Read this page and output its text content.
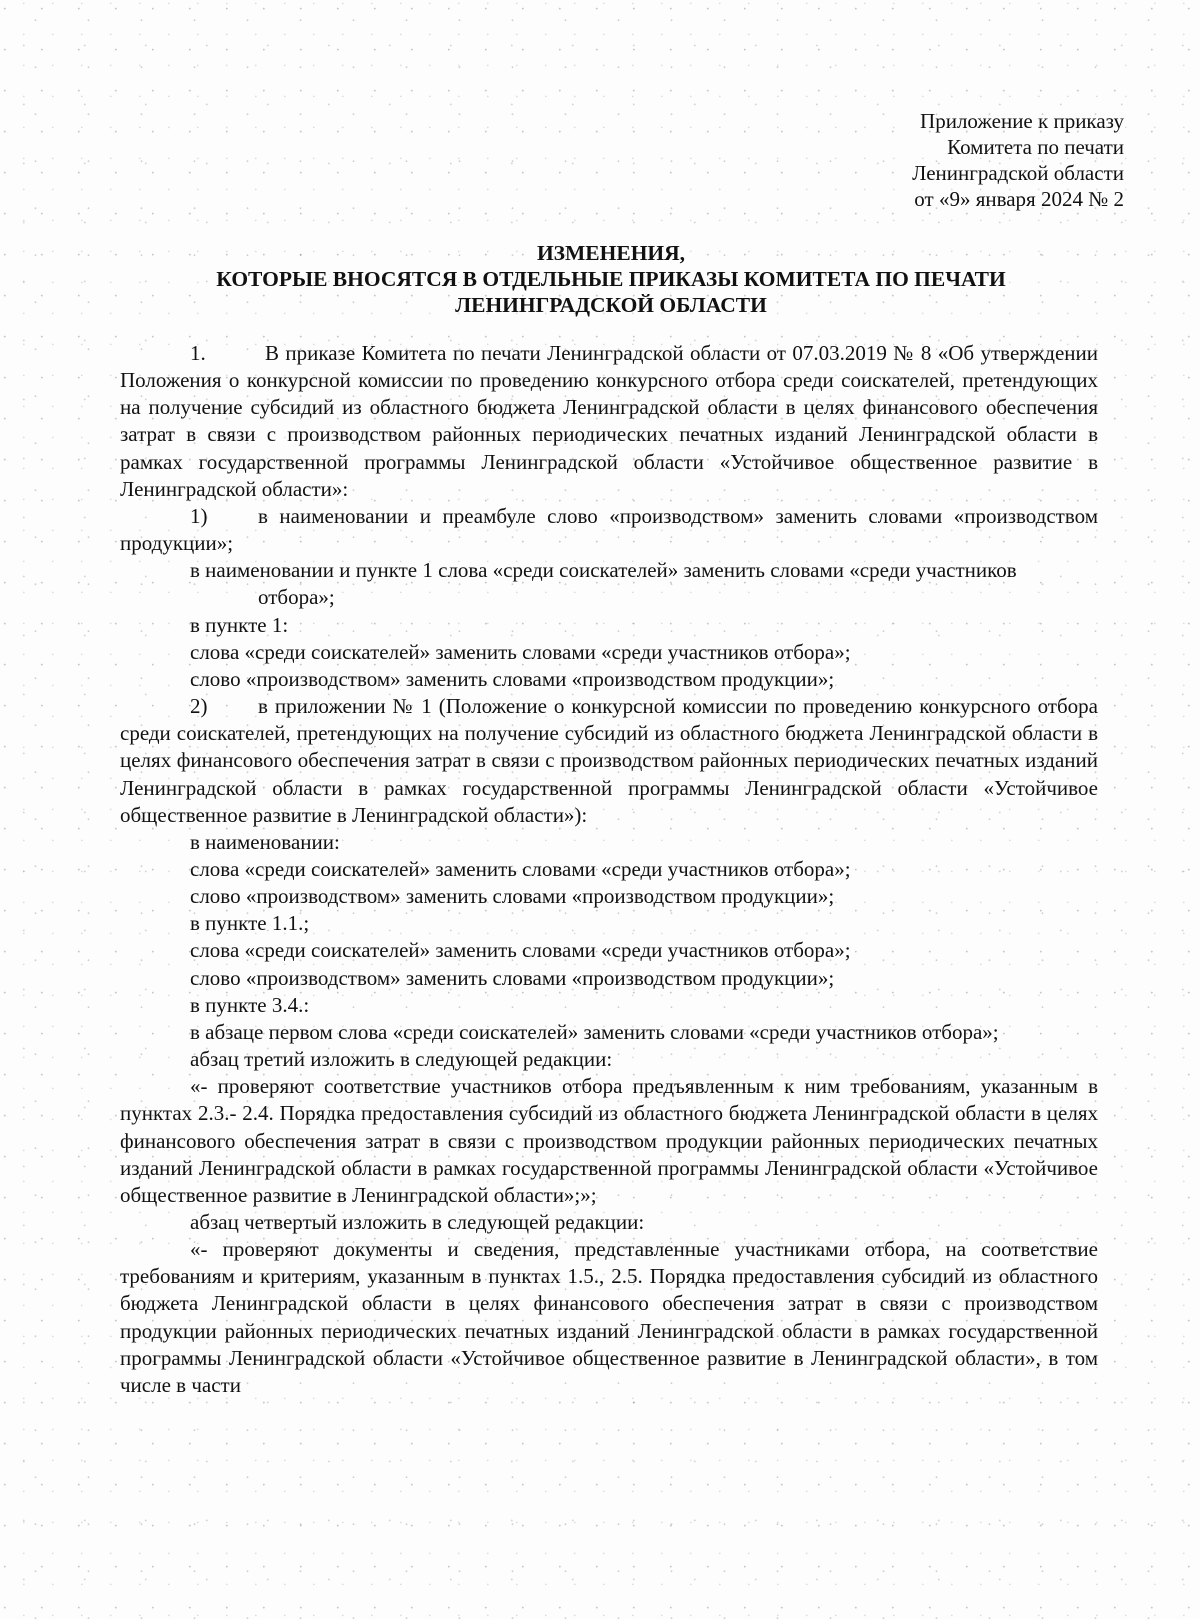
Приложение к приказу
Комитета по печати
Ленинградской области
от «9» января 2024 № 2
ИЗМЕНЕНИЯ,
КОТОРЫЕ ВНОСЯТСЯ В ОТДЕЛЬНЫЕ ПРИКАЗЫ КОМИТЕТА ПО ПЕЧАТИ
ЛЕНИНГРАДСКОЙ ОБЛАСТИ

1.	В приказе Комитета по печати Ленинградской области от 07.03.2019 № 8 «Об утверждении Положения о конкурсной комиссии по проведению конкурсного отбора среди соискателей, претендующих на получение субсидий из областного бюджета Ленинградской области в целях финансового обеспечения затрат в связи с производством районных периодических печатных изданий Ленинградской области в рамках государственной программы Ленинградской области «Устойчивое общественное развитие в Ленинградской области»:

1) в наименовании и преамбуле слово «производством» заменить словами «производством продукции»;

в наименовании и пункте 1 слова «среди соискателей» заменить словами «среди участников отбора»;

в пункте 1:

слова «среди соискателей» заменить словами «среди участников отбора»;

слово «производством» заменить словами «производством продукции»;

2) в приложении № 1 (Положение о конкурсной комиссии по проведению конкурсного отбора среди соискателей, претендующих на получение субсидий из областного бюджета Ленинградской области в целях финансового обеспечения затрат в связи с производством районных периодических печатных изданий Ленинградской области в рамках государственной программы Ленинградской области «Устойчивое общественное развитие в Ленинградской области»):

в наименовании:

слова «среди соискателей» заменить словами «среди участников отбора»;

слово «производством» заменить словами «производством продукции»;

в пункте 1.1.;

слова «среди соискателей» заменить словами «среди участников отбора»;

слово «производством» заменить словами «производством продукции»;

в пункте 3.4.:

в абзаце первом слова «среди соискателей» заменить словами «среди участников отбора»;

абзац третий изложить в следующей редакции:

«- проверяют соответствие участников отбора предъявленным к ним требованиям, указанным в пунктах 2.3.- 2.4. Порядка предоставления субсидий из областного бюджета Ленинградской области в целях финансового обеспечения затрат в связи с производством продукции районных периодических печатных изданий Ленинградской области в рамках государственной программы Ленинградской области «Устойчивое общественное развитие в Ленинградской области»;»;

абзац четвертый изложить в следующей редакции:

«- проверяют документы и сведения, представленные участниками отбора, на соответствие требованиям и критериям, указанным в пунктах 1.5., 2.5. Порядка предоставления субсидий из областного бюджета Ленинградской области в целях финансового обеспечения затрат в связи с производством продукции районных периодических печатных изданий Ленинградской области в рамках государственной программы Ленинградской области «Устойчивое общественное развитие в Ленинградской области», в том числе в части
